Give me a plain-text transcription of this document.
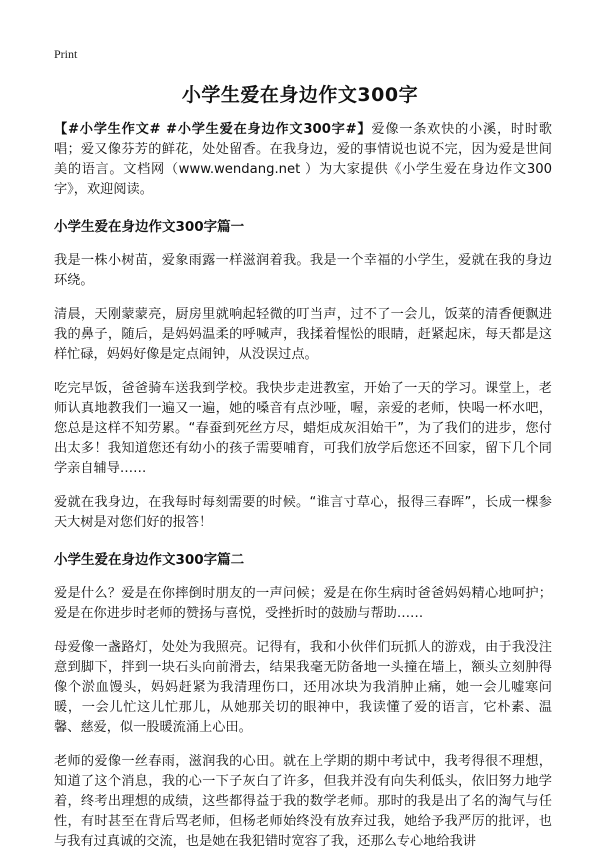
Print
小学生爱在身边作文300字

【#小学生作文# #小学生爱在身边作文300字#】爱像一条欢快的小溪，时时歌唱；爱又像芬芳的鲜花，处处留香。在我身边，爱的事情说也说不完，因为爱是世间美的语言。文档网（www.wendang.net ）为大家提供《小学生爱在身边作文300字》，欢迎阅读。

小学生爱在身边作文300字篇一

我是一株小树苗，爱象雨露一样滋润着我。我是一个幸福的小学生，爱就在我的身边环绕。

清晨，天刚蒙蒙亮，厨房里就响起轻微的叮当声，过不了一会儿，饭菜的清香便飘进我的鼻子，随后，是妈妈温柔的呼喊声，我揉着惺忪的眼睛，赶紧起床，每天都是这样忙碌，妈妈好像是定点闹钟，从没误过点。

吃完早饭，爸爸骑车送我到学校。我快步走进教室，开始了一天的学习。课堂上，老师认真地教我们一遍又一遍，她的嗓音有点沙哑，喔，亲爱的老师，快喝一杯水吧，您总是这样不知劳累。“春蚕到死丝方尽，蜡炬成灰泪始干”，为了我们的进步，您付出太多！我知道您还有幼小的孩子需要哺育，可我们放学后您还不回家，留下几个同学亲自辅导……

爱就在我身边，在我每时每刻需要的时候。“谁言寸草心，报得三春晖”，长成一棵参天大树是对您们好的报答！

小学生爱在身边作文300字篇二

爱是什么？爱是在你摔倒时朋友的一声问候；爱是在你生病时爸爸妈妈精心地呵护；爱是在你进步时老师的赞扬与喜悦，受挫折时的鼓励与帮助……

母爱像一盏路灯，处处为我照亮。记得有，我和小伙伴们玩抓人的游戏，由于我没注意到脚下，拌到一块石头向前滑去，结果我毫无防备地一头撞在墙上，额头立刻肿得像个淤血馒头，妈妈赶紧为我清理伤口，还用冰块为我消肿止痛，她一会儿嘘寒问暖，一会儿忙这儿忙那儿，从她那关切的眼神中，我读懂了爱的语言，它朴素、温馨、慈爱，似一股暖流涌上心田。

老师的爱像一丝春雨，滋润我的心田。就在上学期的期中考试中，我考得很不理想，知道了这个消息，我的心一下子灰白了许多，但我并没有向失利低头，依旧努力地学着，终考出理想的成绩，这些都得益于我的数学老师。那时的我是出了名的淘气与任性，有时甚至在背后骂老师，但杨老师始终没有放弃过我，她给予我严厉的批评，也与我有过真诚的交流，也是她在我犯错时宽容了我，还那么专心地给我讲
